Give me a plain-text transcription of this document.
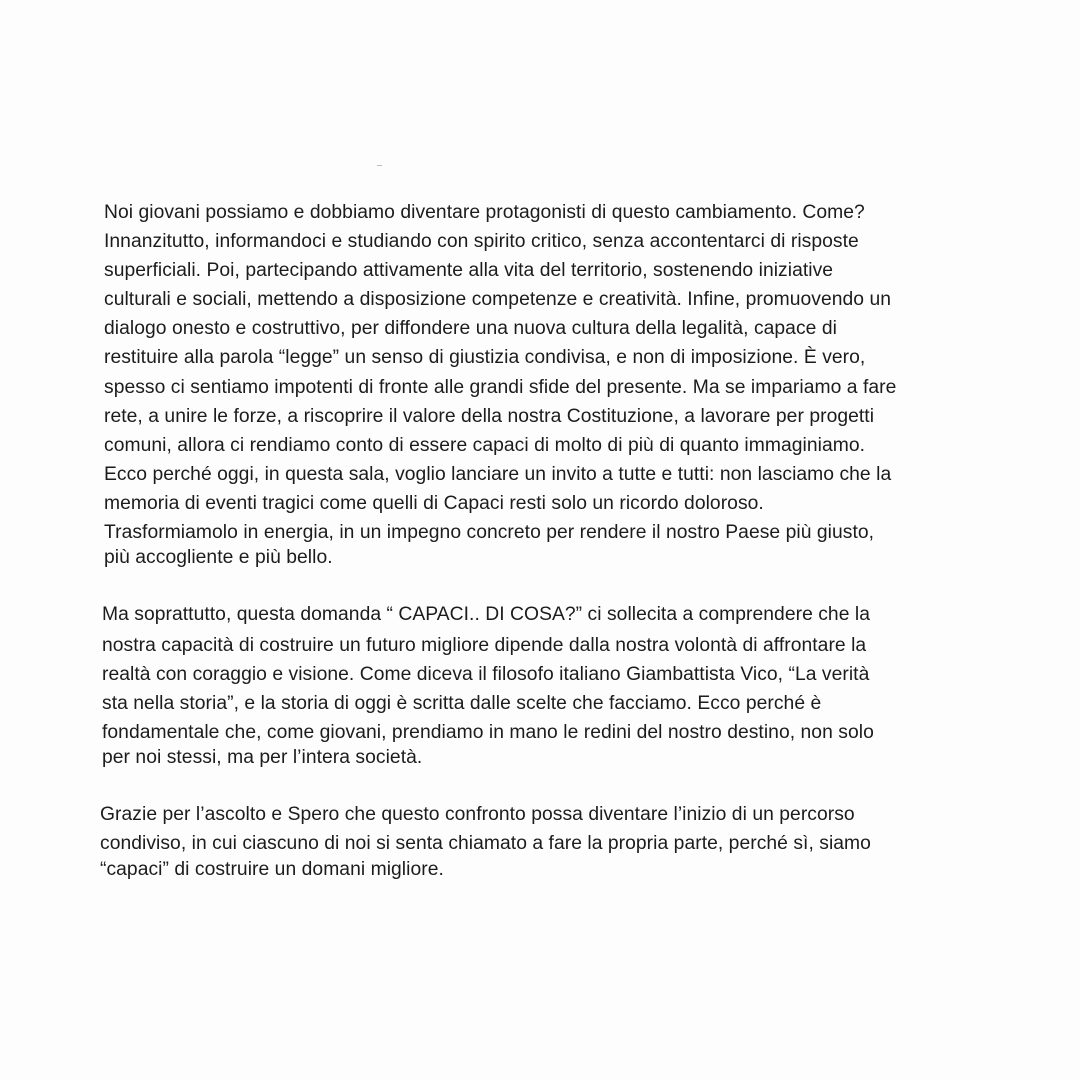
Noi giovani possiamo e dobbiamo diventare protagonisti di questo cambiamento. Come?
Innanzitutto, informandoci e studiando con spirito critico, senza accontentarci di risposte
superficiali. Poi, partecipando attivamente alla vita del territorio, sostenendo iniziative
culturali e sociali, mettendo a disposizione competenze e creatività. Infine, promuovendo un
dialogo onesto e costruttivo, per diffondere una nuova cultura della legalità, capace di
restituire alla parola “legge” un senso di giustizia condivisa, e non di imposizione. È vero,
spesso ci sentiamo impotenti di fronte alle grandi sfide del presente. Ma se impariamo a fare
rete, a unire le forze, a riscoprire il valore della nostra Costituzione, a lavorare per progetti
comuni, allora ci rendiamo conto di essere capaci di molto di più di quanto immaginiamo.
Ecco perché oggi, in questa sala, voglio lanciare un invito a tutte e tutti: non lasciamo che la
memoria di eventi tragici come quelli di Capaci resti solo un ricordo doloroso.
Trasformiamolo in energia, in un impegno concreto per rendere il nostro Paese più giusto,
più accogliente e più bello.
Ma soprattutto, questa domanda “ CAPACI.. DI COSA?” ci sollecita a comprendere che la
nostra capacità di costruire un futuro migliore dipende dalla nostra volontà di affrontare la
realtà con coraggio e visione. Come diceva il filosofo italiano Giambattista Vico, “La verità
sta nella storia”, e la storia di oggi è scritta dalle scelte che facciamo. Ecco perché è
fondamentale che, come giovani, prendiamo in mano le redini del nostro destino, non solo
per noi stessi, ma per l’intera società.
Grazie per l’ascolto e Spero che questo confronto possa diventare l’inizio di un percorso
condiviso, in cui ciascuno di noi si senta chiamato a fare la propria parte, perché sì, siamo
“capaci” di costruire un domani migliore.
